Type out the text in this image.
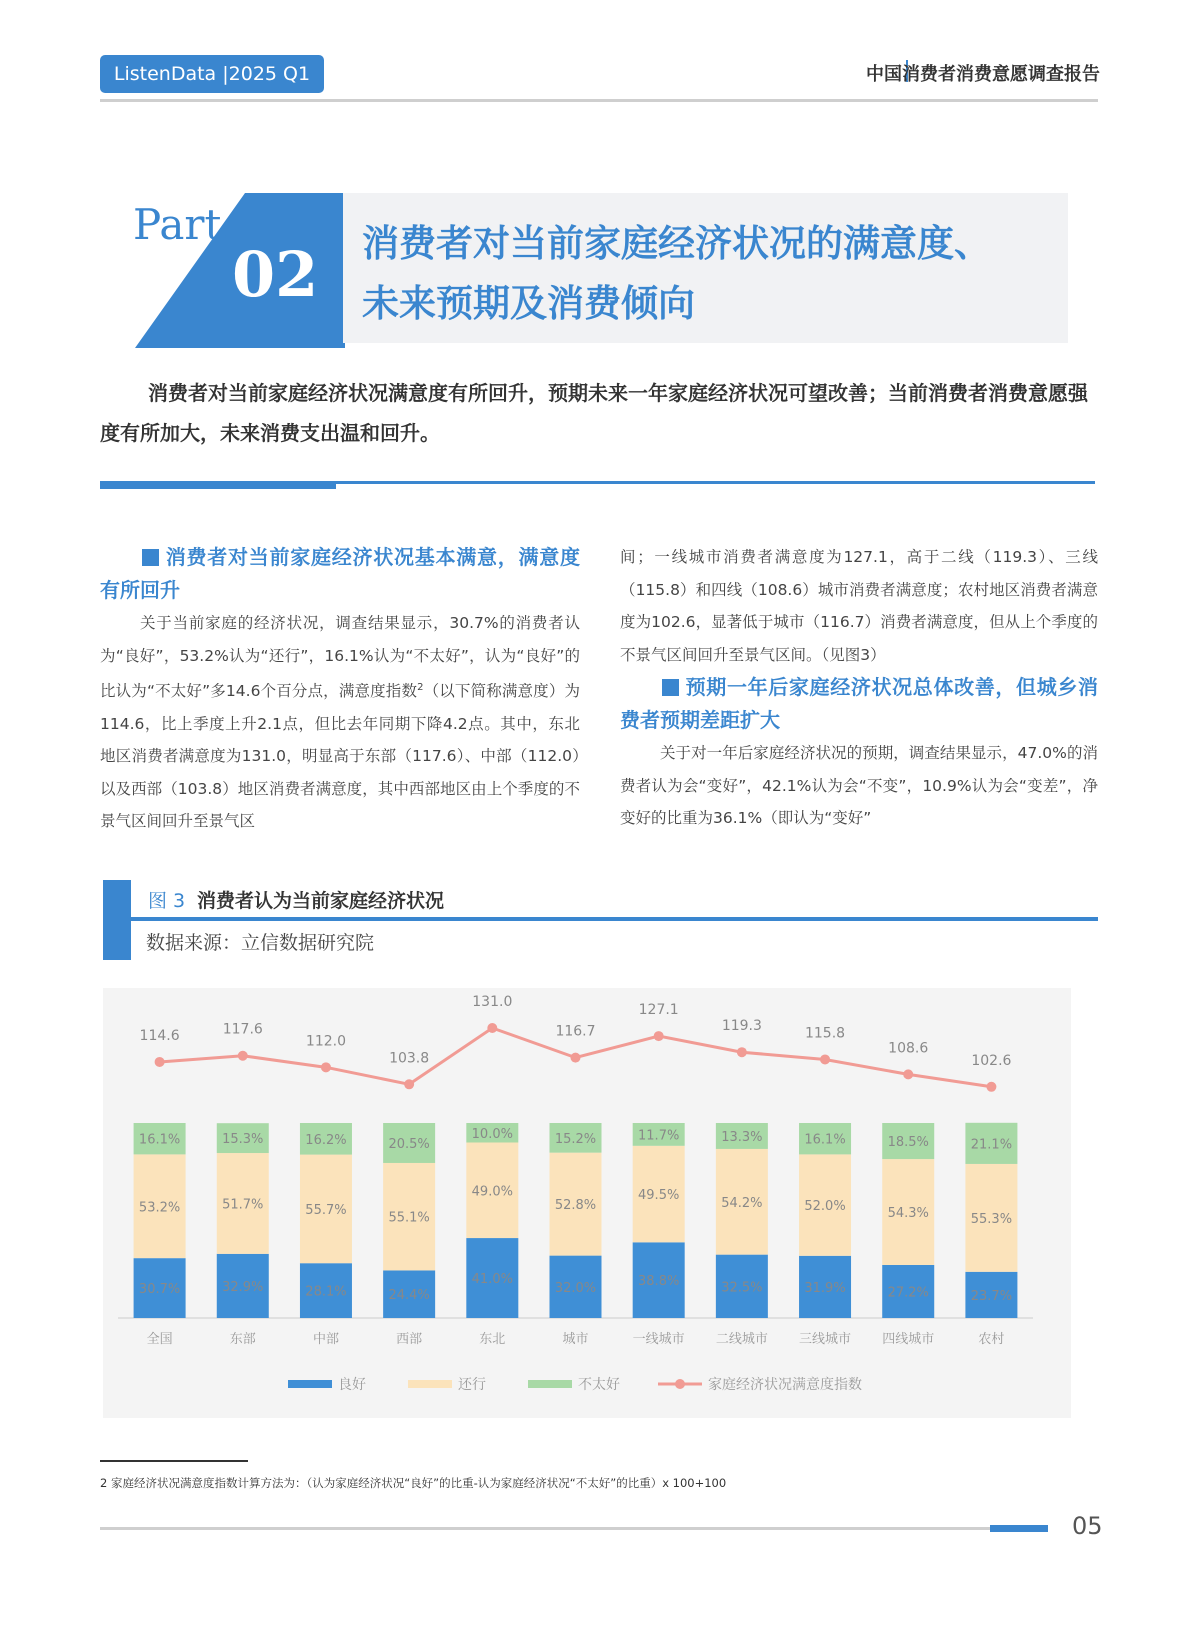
ListenData |2025 Q1	中国消费者消费意愿调查报告
Part.
02 消费者对当前家庭经济状况的满意度、
未来预期及消费倾向
消费者对当前家庭经济状况满意度有所回升，预期未来一年家庭经济状况可望改善；当前消费者消费意愿强度有所加大，未来消费支出温和回升。
消费者对当前家庭经济状况基本满意，满意度有所回升

关于当前家庭的经济状况，调查结果显示，30.7%的消费者认为“良好”，53.2%认为“还行”，16.1%认为“不太好”，认为“良好”的比认为“不太好”多14.6个百分点，满意度指数$^2$（以下简称满意度）为114.6，比上季度上升2.1点，但比去年同期下降4.2点。其中，东北地区消费者满意度为131.0，明显高于东部（117.6）、中部（112.0）以及西部（103.8）地区消费者满意度，其中西部地区由上个季度的不景气区间回升至景气区

间；一线城市消费者满意度为127.1，高于二线（119.3）、三线（115.8）和四线（108.6）城市消费者满意度；农村地区消费者满意度为102.6，显著低于城市（116.7）消费者满意度，但从上个季度的不景气区间回升至景气区间。（见图3）

预期一年后家庭经济状况总体改善，但城乡消费者预期差距扩大

关于对一年后家庭经济状况的预期，调查结果显示，47.0%的消费者认为会“变好”，42.1%认为会“不变”，10.9%认为会“变差”，净变好的比重为36.1%（即认为“变好”

图 3 消费者认为当前家庭经济状况
数据来源：立信数据研究院
30.7%
53.2%
16.1%
全国
32.9%
51.7%
15.3%
东部
28.1%
55.7%
16.2%
中部
24.4%
55.1%
20.5%
西部
41.0%
49.0%
10.0%
东北
32.0%
52.8%
15.2%
城市
38.8%
49.5%
11.7%
一线城市
32.5%
54.2%
13.3%
二线城市
31.9%
52.0%
16.1%
三线城市
27.2%
54.3%
18.5%
四线城市
23.7%
55.3%
21.1%
农村
114.6	117.6
112.0
103.8
131.0
116.7
127.1
119.3	115.8
108.6
102.6
良好	还行	不太好	家庭经济状况满意度指数
2 家庭经济状况满意度指数计算方法为：（认为家庭经济状况“良好”的比重-认为家庭经济状况“不太好”的比重）x 100+100
05
